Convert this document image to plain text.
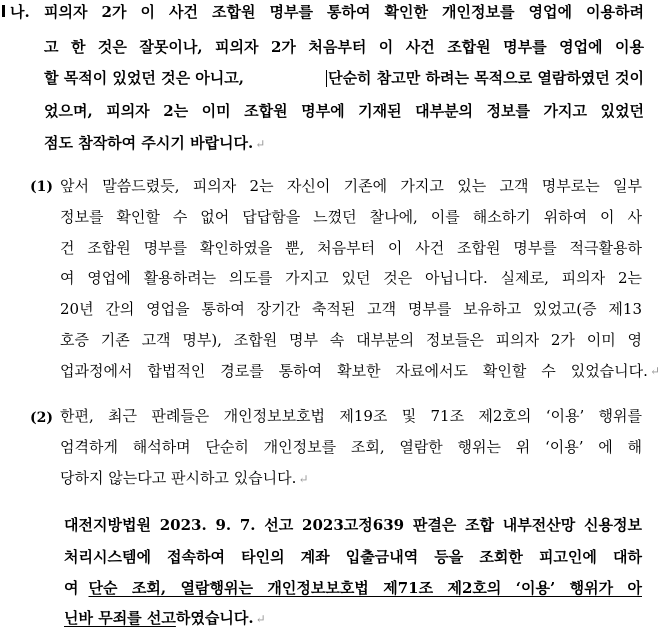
나. 피의자 2가 이 사건 조합원 명부를 통하여 확인한 개인정보를 영업에 이용하려
고 한 것은 잘못이나, 피의자 2가 처음부터 이 사건 조합원 명부를 영업에 이용
할 목적이 있었던 것은 아니고,	단순히 참고만 하려는 목적으로 열람하였던 것이
었으며, 피의자 2는 이미 조합원 명부에 기재된 대부분의 정보를 가지고 있었던
점도 참작하여 주시기 바랍니다. ↵
(1) 앞서 말씀드렸듯, 피의자 2는 자신이 기존에 가지고 있는 고객 명부로는 일부
정보를 확인할 수 없어 답답함을 느꼈던 찰나에, 이를 해소하기 위하여 이 사
건 조합원 명부를 확인하였을 뿐, 처음부터 이 사건 조합원 명부를 적극활용하
여 영업에 활용하려는 의도를 가지고 있던 것은 아닙니다. 실제로, 피의자 2는
20년 간의 영업을 통하여 장기간 축적된 고객 명부를 보유하고 있었고(증 제13
호증 기존 고객 명부), 조합원 명부 속 대부분의 정보들은 피의자 2가 이미 영
업과정에서 합법적인 경로를 통하여 확보한 자료에서도 확인할 수 있었습니다. ↵
(2) 한편, 최근 판례들은 개인정보보호법 제19조 및 71조 제2호의 ‘이용’ 행위를
엄격하게 해석하며 단순히 개인정보를 조회, 열람한 행위는 위 ‘이용’ 에 해
당하지 않는다고 판시하고 있습니다. ↵
대전지방법원 2023. 9. 7. 선고 2023고정639 판결은 조합 내부전산망 신용정보
처리시스템에 접속하여 타인의 계좌 입출금내역 등을 조회한 피고인에 대하
여 단순 조회, 열람행위는 개인정보보호법 제71조 제2호의 ‘이용’ 행위가 아
닌바 무죄를 선고하였습니다. ↵
